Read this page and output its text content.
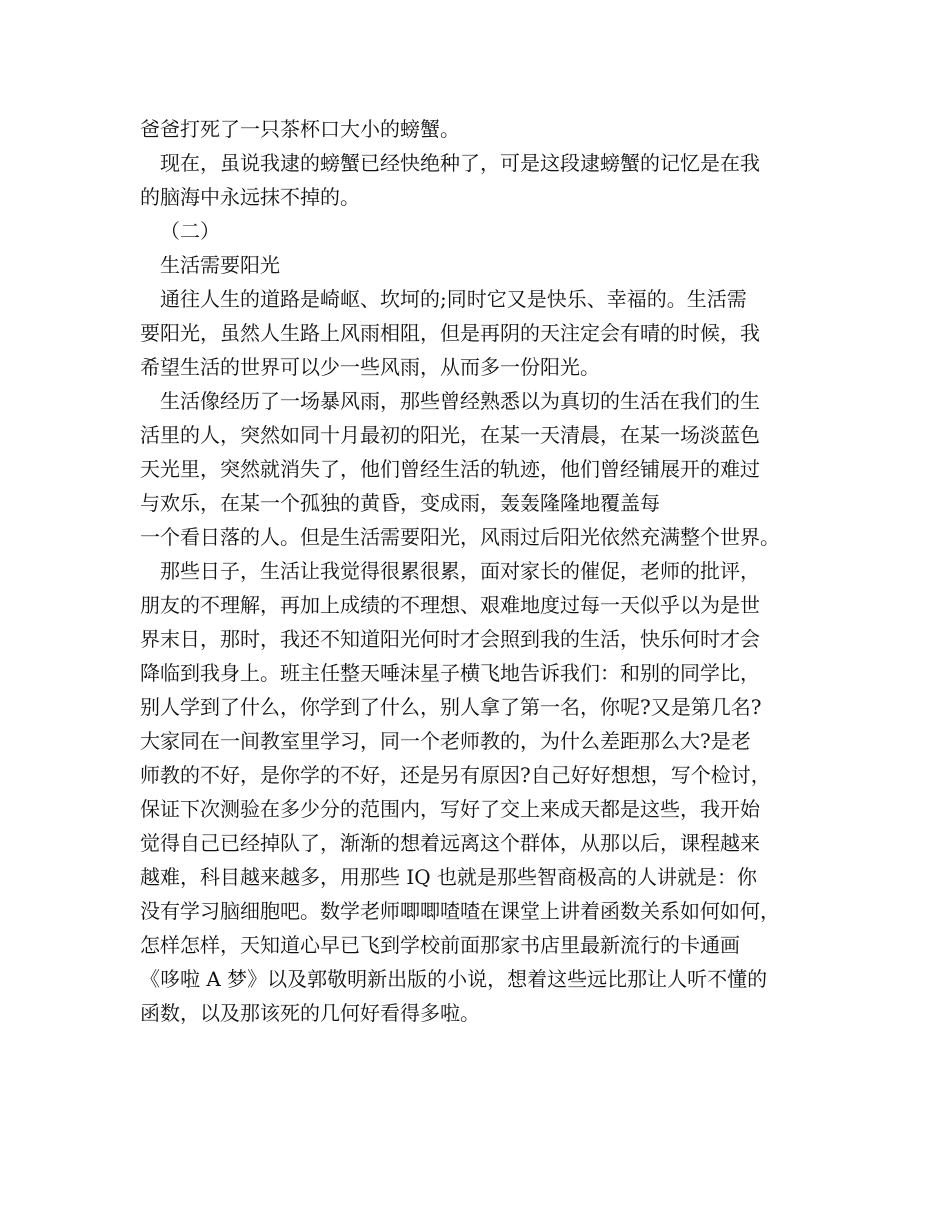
爸爸打死了一只茶杯口大小的螃蟹。
现在，虽说我逮的螃蟹已经快绝种了，可是这段逮螃蟹的记忆是在我
的脑海中永远抹不掉的。
（二）
生活需要阳光
通往人生的道路是崎岖、坎坷的;同时它又是快乐、幸福的。生活需
要阳光，虽然人生路上风雨相阻，但是再阴的天注定会有晴的时候，我
希望生活的世界可以少一些风雨，从而多一份阳光。
生活像经历了一场暴风雨，那些曾经熟悉以为真切的生活在我们的生
活里的人，突然如同十月最初的阳光，在某一天清晨，在某一场淡蓝色
天光里，突然就消失了，他们曾经生活的轨迹，他们曾经铺展开的难过
与欢乐，在某一个孤独的黄昏，变成雨，轰轰隆隆地覆盖每
一个看日落的人。但是生活需要阳光，风雨过后阳光依然充满整个世界。
那些日子，生活让我觉得很累很累，面对家长的催促，老师的批评，
朋友的不理解，再加上成绩的不理想、艰难地度过每一天似乎以为是世
界末日，那时，我还不知道阳光何时才会照到我的生活，快乐何时才会
降临到我身上。班主任整天唾沫星子横飞地告诉我们：和别的同学比，
别人学到了什么，你学到了什么，别人拿了第一名，你呢?又是第几名?
大家同在一间教室里学习，同一个老师教的，为什么差距那么大?是老
师教的不好，是你学的不好，还是另有原因?自己好好想想，写个检讨，
保证下次测验在多少分的范围内，写好了交上来成天都是这些，我开始
觉得自己已经掉队了，渐渐的想着远离这个群体，从那以后，课程越来
越难，科目越来越多，用那些 IQ 也就是那些智商极高的人讲就是：你
没有学习脑细胞吧。数学老师唧唧喳喳在课堂上讲着函数关系如何如何，
怎样怎样，天知道心早已飞到学校前面那家书店里最新流行的卡通画
《哆啦 A 梦》以及郭敬明新出版的小说，想着这些远比那让人听不懂的
函数，以及那该死的几何好看得多啦。
